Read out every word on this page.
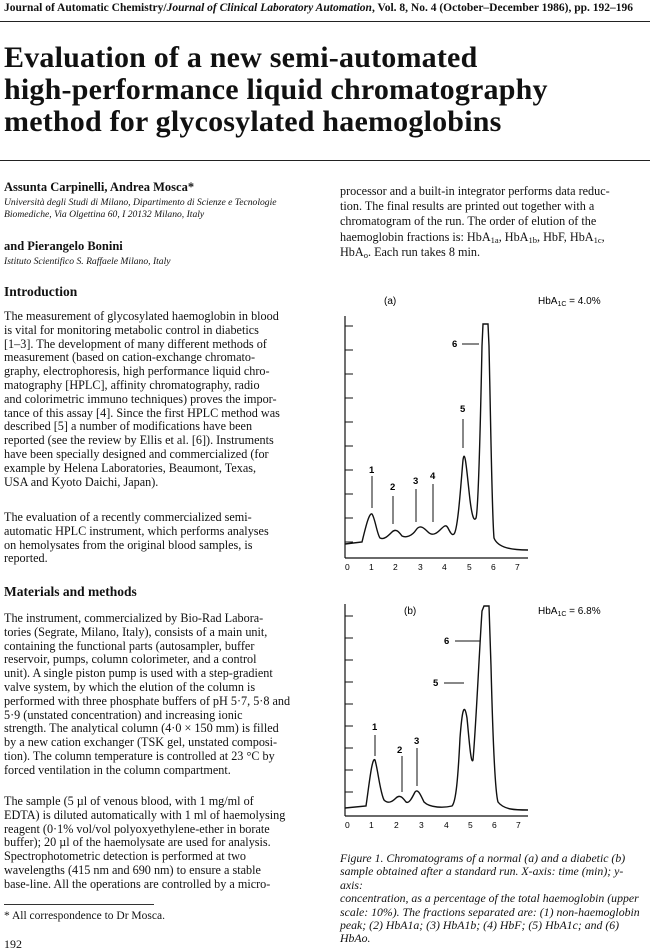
Journal of Automatic Chemistry/Journal of Clinical Laboratory Automation, Vol. 8, No. 4 (October–December 1986), pp. 192–196
Evaluation of a new semi-automated
high-performance liquid chromatography
method for glycosylated haemoglobins
Assunta Carpinelli, Andrea Mosca*
Università degli Studi di Milano, Dipartimento di Scienze e Tecnologie
Biomediche, Via Olgettina 60, I 20132 Milano, Italy
and Pierangelo Bonini
Istituto Scientifico S. Raffaele Milano, Italy
processor and a built-in integrator performs data reduc-
tion. The final results are printed out together with a
chromatogram of the run. The order of elution of the
haemoglobin fractions is: HbA$_{1a}$, HbA$_{1b}$, HbF, HbA$_{1c}$,
HbA$_o$. Each run takes 8 min.
Introduction
The measurement of glycosylated haemoglobin in blood
is vital for monitoring metabolic control in diabetics
[1–3]. The development of many different methods of
measurement (based on cation-exchange chromato-
graphy, electrophoresis, high performance liquid chro-
matography [HPLC], affinity chromatography, radio
and colorimetric immuno techniques) proves the impor-
tance of this assay [4]. Since the first HPLC method was
described [5] a number of modifications have been
reported (see the review by Ellis et al. [6]). Instruments
have been specially designed and commercialized (for
example by Helena Laboratories, Beaumont, Texas,
USA and Kyoto Daichi, Japan).
The evaluation of a recently commercialized semi-
automatic HPLC instrument, which performs analyses
on hemolysates from the original blood samples, is
reported.
Materials and methods
The instrument, commercialized by Bio-Rad Labora-
tories (Segrate, Milano, Italy), consists of a main unit,
containing the functional parts (autosampler, buffer
reservoir, pumps, column colorimeter, and a control
unit). A single piston pump is used with a step-gradient
valve system, by which the elution of the column is
performed with three phosphate buffers of pH 5·7, 5·8 and
5·9 (unstated concentration) and increasing ionic
strength. The analytical column (4·0 × 150 mm) is filled
by a new cation exchanger (TSK gel, unstated composi-
tion). The column temperature is controlled at 23 °C by
forced ventilation in the column compartment.
The sample (5 µl of venous blood, with 1 mg/ml of
EDTA) is diluted automatically with 1 ml of haemolysing
reagent (0·1% vol/vol polyoxyethylene-ether in borate
buffer); 20 µl of the haemolysate are used for analysis.
Spectrophotometric detection is performed at two
wavelengths (415 nm and 690 nm) to ensure a stable
base-line. All the operations are controlled by a micro-
* All correspondence to Dr Mosca.
192
(a)	HbA$_{1C}$ = 4.0%
1
2
3 4
5
6
0 1 2 3 4 5 6 7
(b)	HbA$_{1C}$ = 6.8%
1
2
3
5
6
0 1 2 3 4 5 6 7
Figure 1. Chromatograms of a normal (a) and a diabetic (b)
sample obtained after a standard run. X-axis: time (min); y-axis:
concentration, as a percentage of the total haemoglobin (upper
scale: 10%). The fractions separated are: (1) non-haemoglobin
peak; (2) HbA1a; (3) HbA1b; (4) HbF; (5) HbA1c; and (6)
HbAo.
